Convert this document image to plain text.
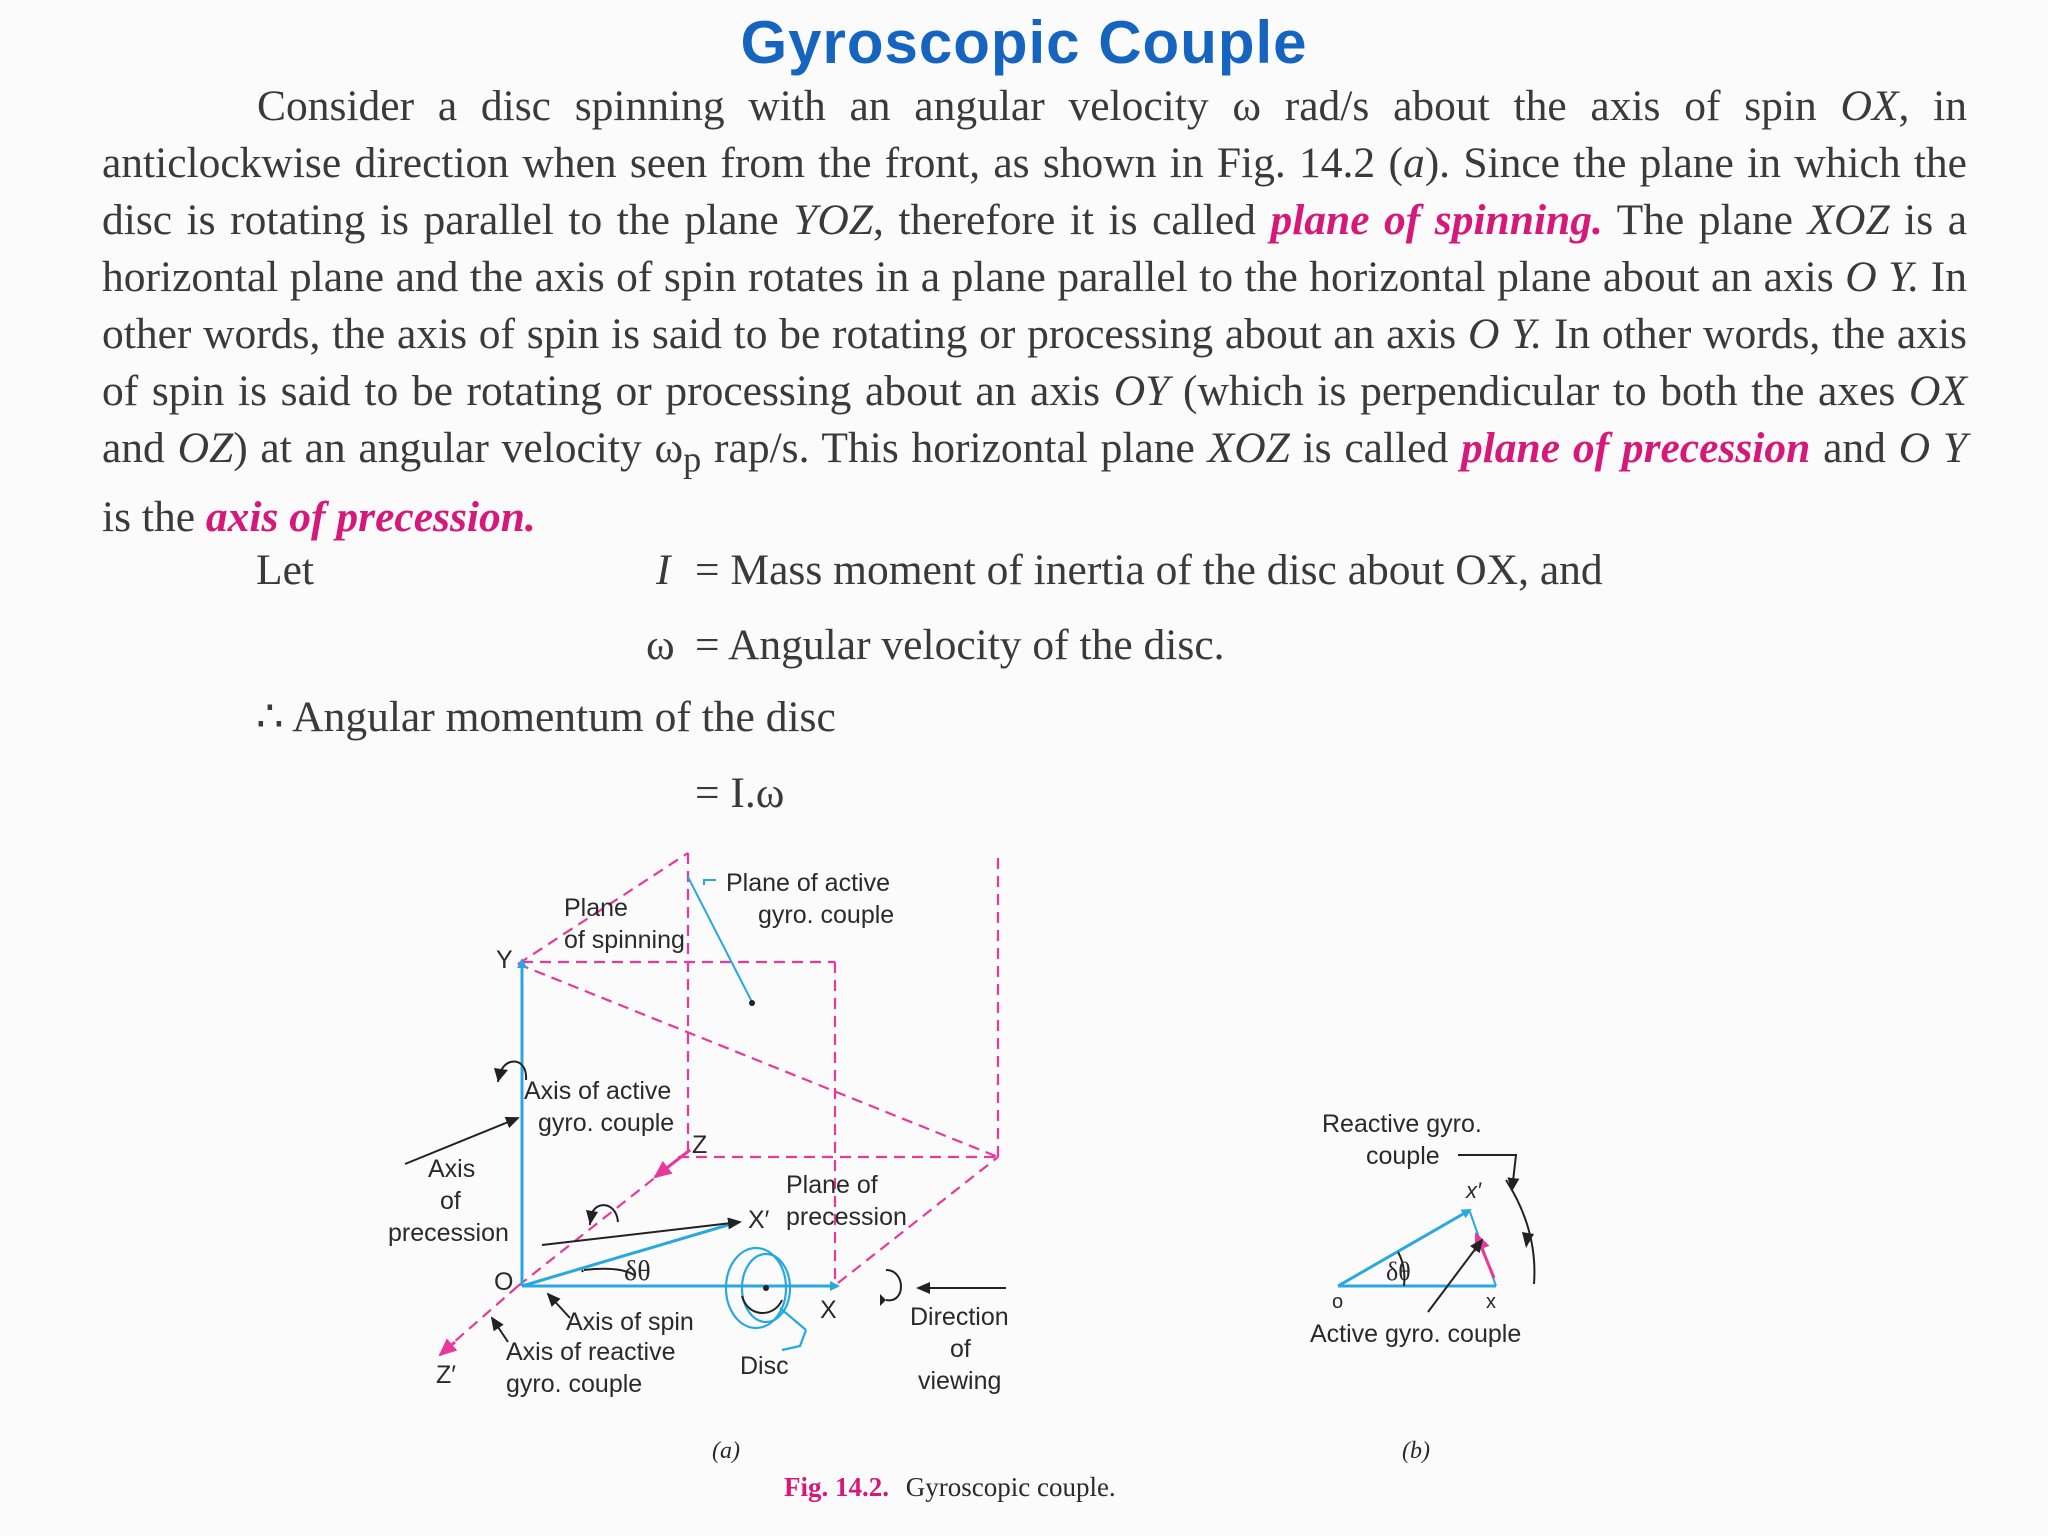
Gyroscopic Couple

Consider a disc spinning with an angular velocity ω rad/s about the axis of spin OX, in anticlockwise direction when seen from the front, as shown in Fig. 14.2 (a). Since the plane in which the disc is rotating is parallel to the plane YOZ, therefore it is called plane of spinning. The plane XOZ is a horizontal plane and the axis of spin rotates in a plane parallel to the horizontal plane about an axis O Y. In other words, the axis of spin is said to be rotating or processing about an axis O Y. In other words, the axis of spin is said to be rotating or processing about an axis OY (which is perpendicular to both the axes OX and OZ) at an angular velocity $\omega_p$ rap/s. This horizontal plane XOZ is called plane of precession and O Y is the axis of precession.

Let	I = Mass moment of inertia of the disc about OX, and
ω = Angular velocity of the disc.
∴ Angular momentum of the disc
= I.ω
Plane
of spinning
Plane of active
gyro. couple
Y
Axis of active
gyro. couple
Z
Axis
of
precession
Plane of
precession
X′
O	δθ
X
Axis of spin
Axis of reactive
gyro. couple
Z′	Disc
Direction
of
viewing
(a)
Reactive gyro.
couple
x′
δθ
o	x
Active gyro. couple
(b)
Fig. 14.2. Gyroscopic couple.
